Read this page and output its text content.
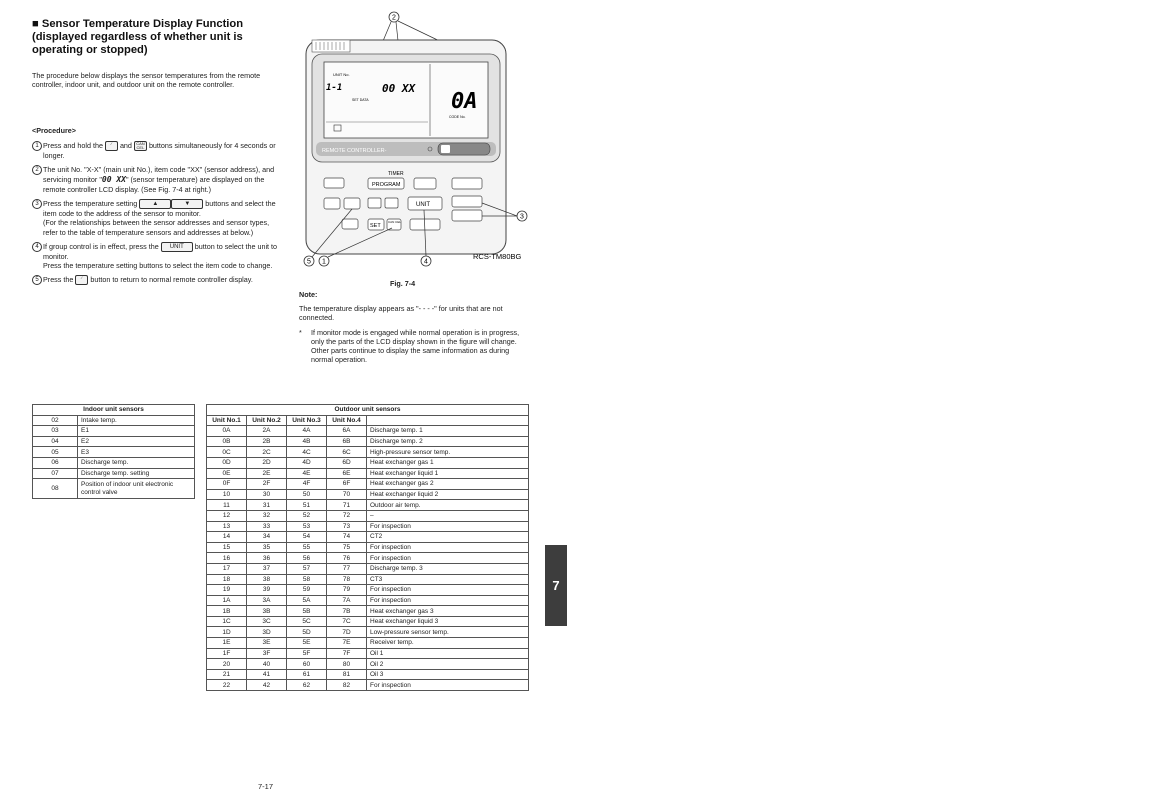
■ Sensor Temperature Display Function (displayed regardless of whether unit is operating or stopped)
The procedure below displays the sensor temperatures from the remote controller, indoor unit, and outdoor unit on the remote controller.
<Procedure>
1 Press and hold the ⁄ and CAN
CEL buttons simultaneously for 4 seconds or longer.
2 The unit No. "X-X" (main unit No.), item code "XX" (sensor address), and servicing monitor "00 XX" (sensor temperature) are displayed on the remote controller LCD display. (See Fig. 7-4 at right.)
3 Press the temperature setting	▲	▼ buttons and select the item code to the address of the sensor to monitor.
(For the relationships between the sensor addresses and sensor types, refer to the table of temperature sensors and addresses at below.)
4 If group control is in effect, press the UNIT button to select the unit to monitor.
Press the temperature setting buttons to select the item code to change.
5 Press the ⁄ button to return to normal remote controller display.
2
UNIT No.
1-1	00 XX
SET DATA	0A
CODE No.
REMOTE CONTROLLER-
TIMER
PROGRAM
UNIT
SET
CAN CEL
3
4
5 1
RCS-TM80BG
Fig. 7-4
Note:

The temperature display appears as "- - - -" for units that are not connected.

* If monitor mode is engaged while normal operation is in progress, only the parts of the LCD display shown in the figure will change. Other parts continue to display the same information as during normal operation.

Indoor unit sensors	
02	Intake temp.
03	E1
04	E2
05	E3
06	Discharge temp.
07	Discharge temp. setting
08	Position of indoor unit electronic control valve
Outdoor unit sensors				
Unit No.1	Unit No.2	Unit No.3	Unit No.4	
0A	2A	4A	6A	Discharge temp. 1
0B	2B	4B	6B	Discharge temp. 2
0C	2C	4C	6C	High-pressure sensor temp.
0D	2D	4D	6D	Heat exchanger gas 1
0E	2E	4E	6E	Heat exchanger liquid 1
0F	2F	4F	6F	Heat exchanger gas 2
10	30	50	70	Heat exchanger liquid 2
11	31	51	71	Outdoor air temp.
12	32	52	72	–
13	33	53	73	For inspection
14	34	54	74	CT2
15	35	55	75	For inspection
16	36	56	76	For inspection
17	37	57	77	Discharge temp. 3
18	38	58	78	CT3
19	39	59	79	For inspection
1A	3A	5A	7A	For inspection
1B	3B	5B	7B	Heat exchanger gas 3
1C	3C	5C	7C	Heat exchanger liquid 3
1D	3D	5D	7D	Low-pressure sensor temp.
1E	3E	5E	7E	Receiver temp.
1F	3F	5F	7F	Oil 1
20	40	60	80	Oil 2
21	41	61	81	Oil 3
22	42	62	82	For inspection
7-17
7
